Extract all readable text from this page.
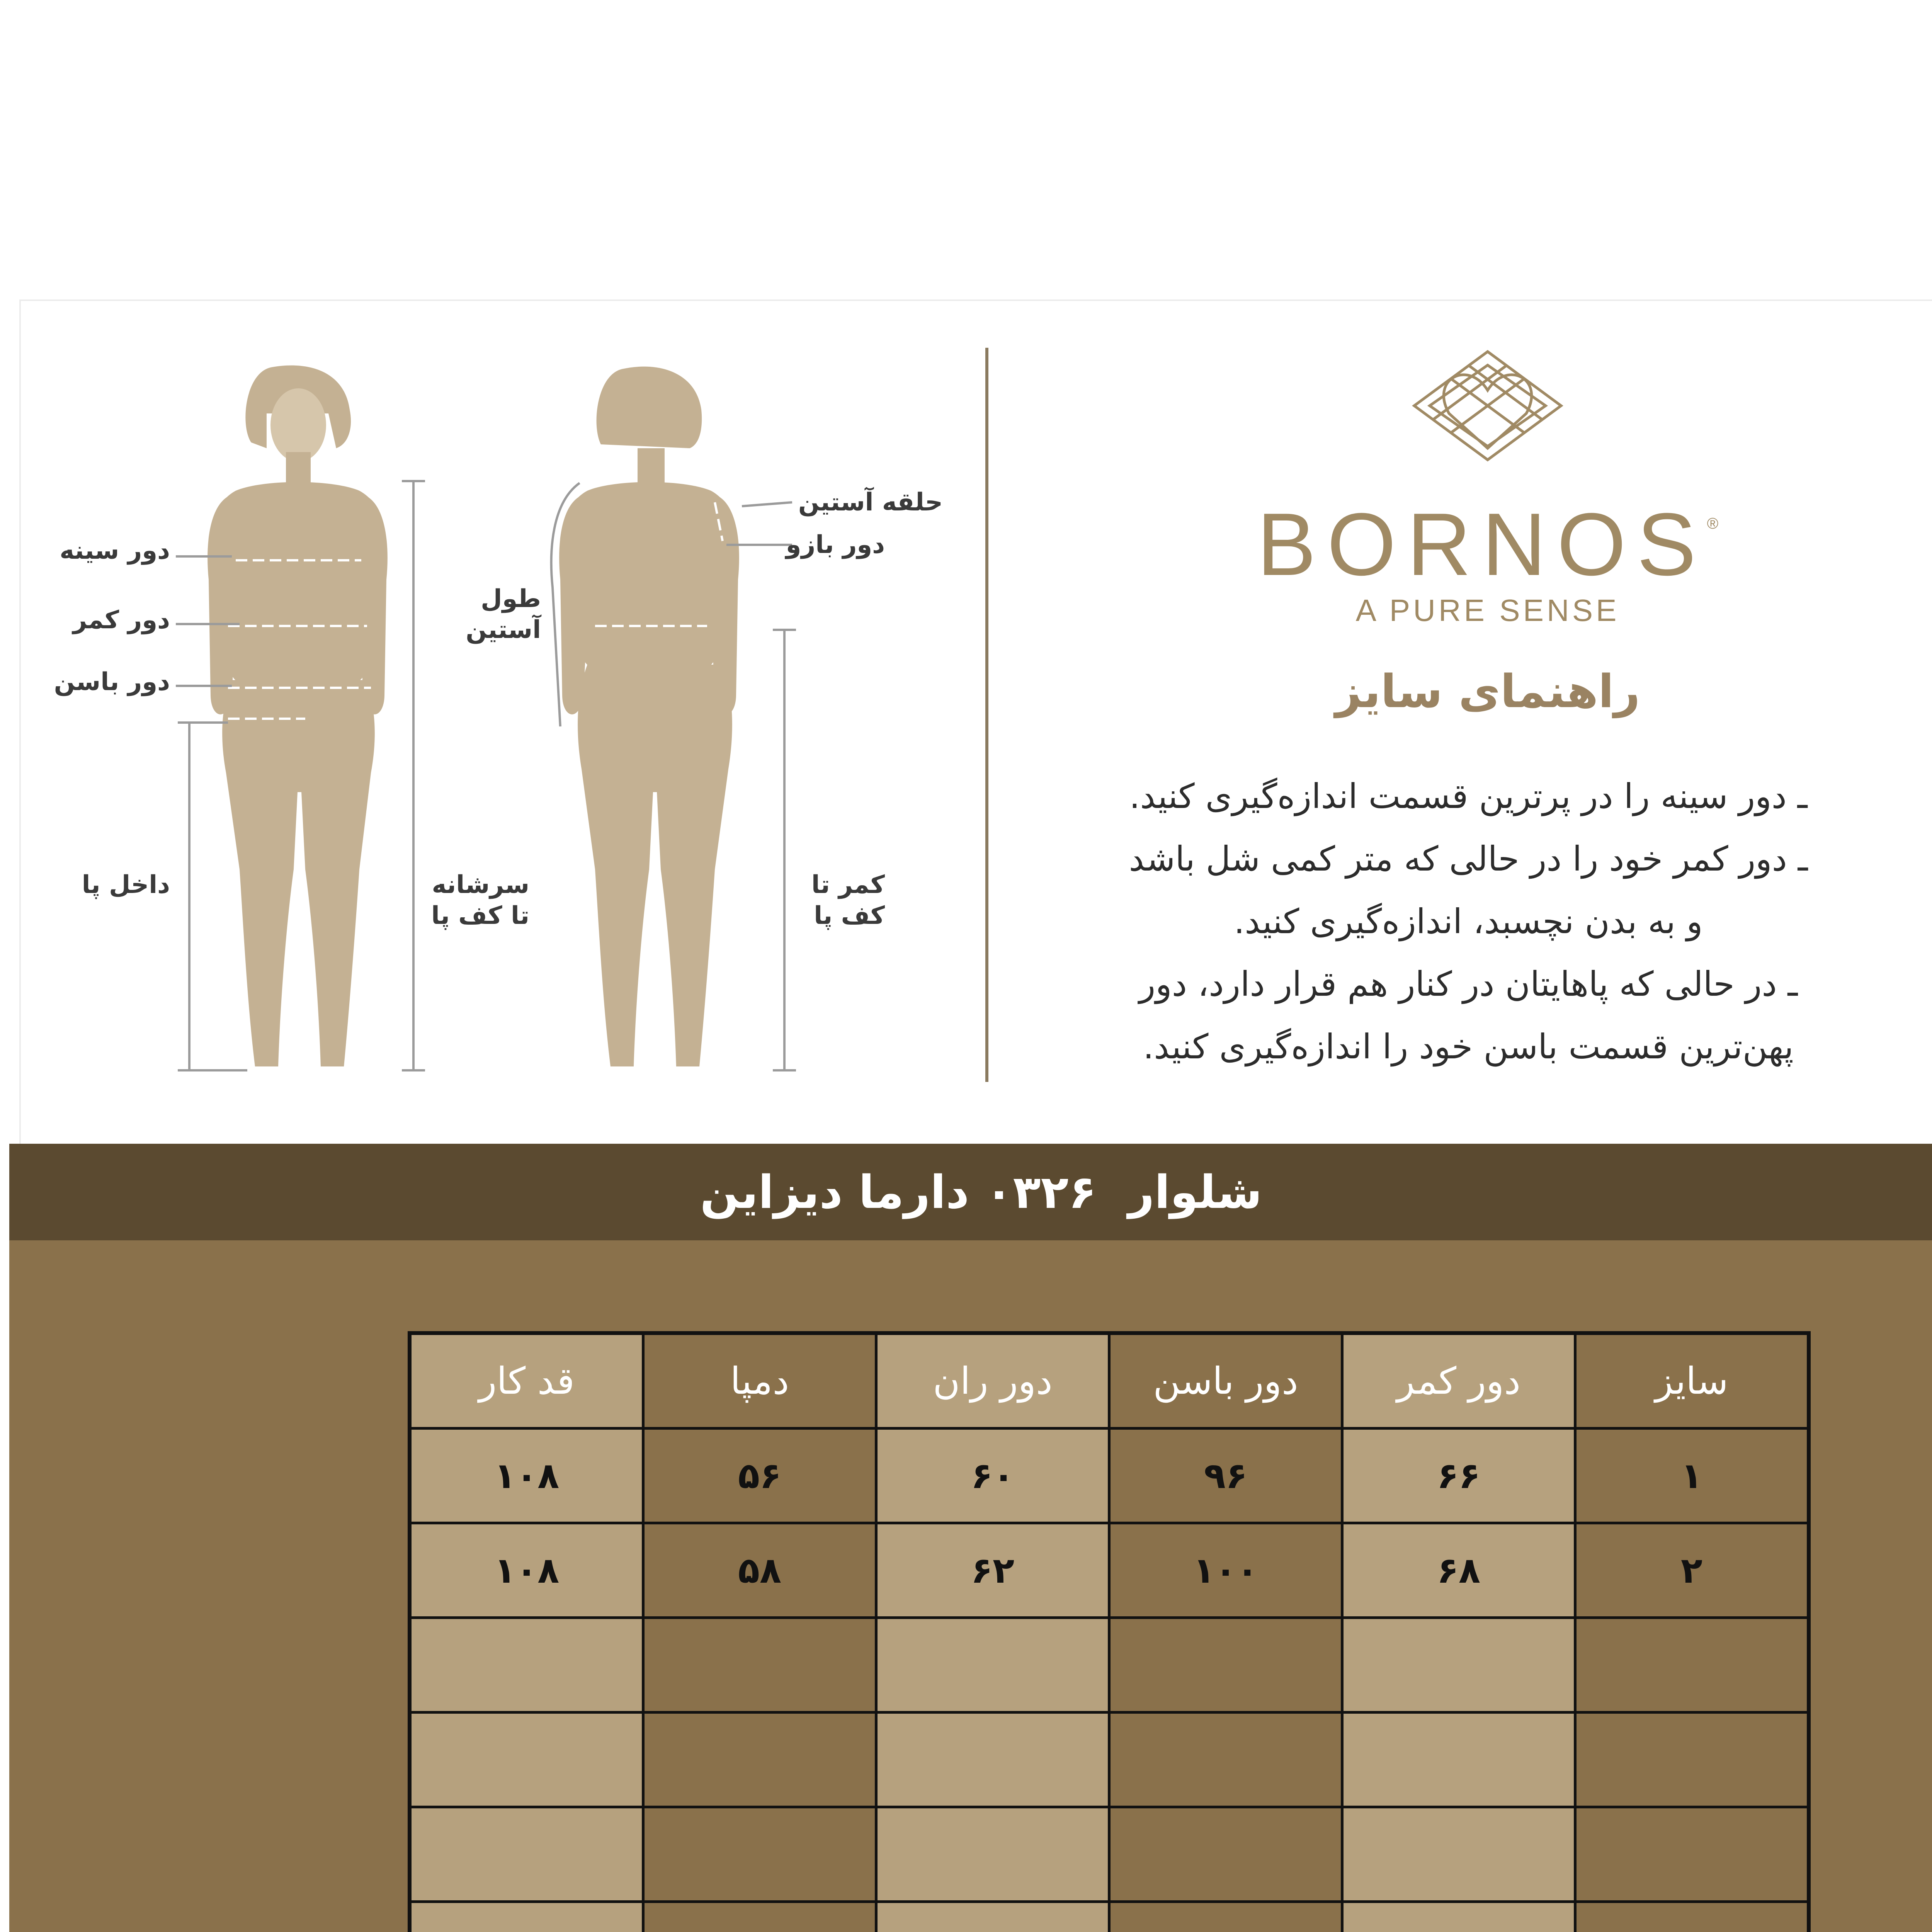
دور سینه
دور کمر
دور باسن
داخل پا	سرشانه
تا کف پا
حلقه آستین
دور بازو
طول
آستین
کمر تا
کف پا
BORNOS®
A PURE SENSE
راهنمای سایز
ـ دور سینه را در پرترین قسمت اندازه‌گیری کنید.
ـ دور کمر خود را در حالی که متر کمی شل باشد
و به بدن نچسبد، اندازه‌گیری کنید.
ـ در حالی که پاهایتان در کنار هم قرار دارد، دور
پهن‌ترین قسمت باسن خود را اندازه‌گیری کنید.
شلوار  ۰۳۲۶ دارما دیزاین
سایز	دور کمر	دور باسن	دور ران	دمپا	قد کار
۱	۶۶	۹۶	۶۰	۵۶	۱۰۸
۲	۶۸	۱۰۰	۶۲	۵۸	۱۰۸
